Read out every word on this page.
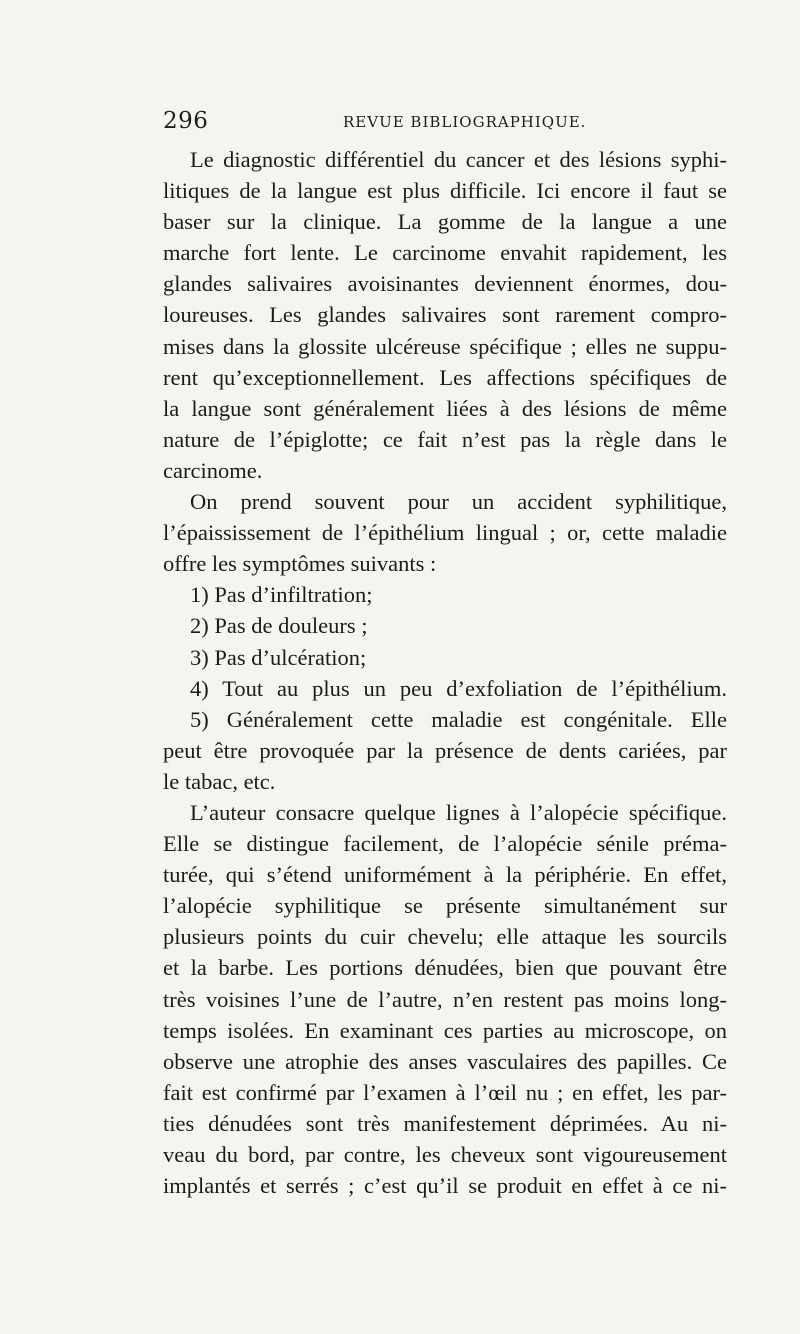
296	REVUE BIBLIOGRAPHIQUE.
Le diagnostic différentiel du cancer et des lésions syphi-
litiques de la langue est plus difficile. Ici encore il faut se
baser sur la clinique. La gomme de la langue a une
marche fort lente. Le carcinome envahit rapidement, les
glandes salivaires avoisinantes deviennent énormes, dou-
loureuses. Les glandes salivaires sont rarement compro-
mises dans la glossite ulcéreuse spécifique ; elles ne suppu-
rent qu’exceptionnellement. Les affections spécifiques de
la langue sont généralement liées à des lésions de même
nature de l’épiglotte; ce fait n’est pas la règle dans le
carcinome.
On prend souvent pour un accident syphilitique,
l’épaississement de l’épithélium lingual ; or, cette maladie
offre les symptômes suivants :
1) Pas d’infiltration;
2) Pas de douleurs ;
3) Pas d’ulcération;
4) Tout au plus un peu d’exfoliation de l’épithélium.
5) Généralement cette maladie est congénitale. Elle
peut être provoquée par la présence de dents cariées, par
le tabac, etc.
L’auteur consacre quelque lignes à l’alopécie spécifique.
Elle se distingue facilement, de l’alopécie sénile préma-
turée, qui s’étend uniformément à la périphérie. En effet,
l’alopécie syphilitique se présente simultanément sur
plusieurs points du cuir chevelu; elle attaque les sourcils
et la barbe. Les portions dénudées, bien que pouvant être
très voisines l’une de l’autre, n’en restent pas moins long-
temps isolées. En examinant ces parties au microscope, on
observe une atrophie des anses vasculaires des papilles. Ce
fait est confirmé par l’examen à l’œil nu ; en effet, les par-
ties dénudées sont très manifestement déprimées. Au ni-
veau du bord, par contre, les cheveux sont vigoureusement
implantés et serrés ; c’est qu’il se produit en effet à ce ni-
